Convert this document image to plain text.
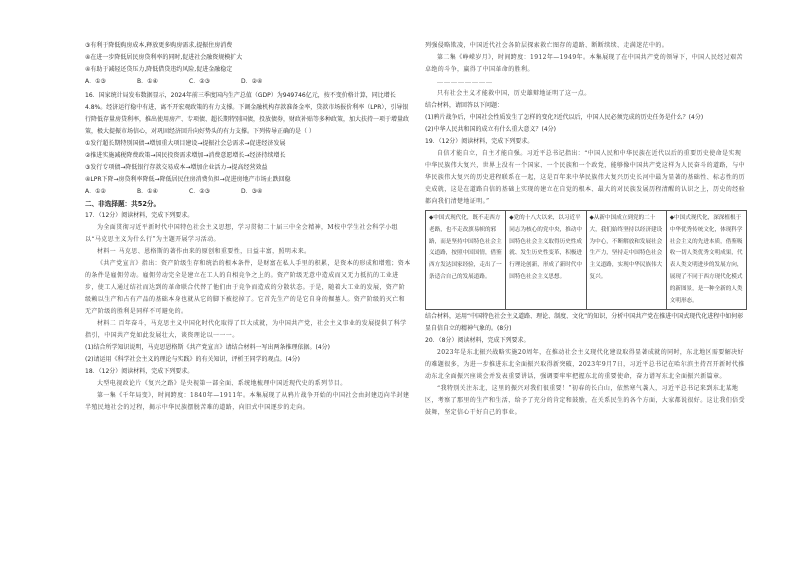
③有利于降低购房成本,释放更多购房需求,提振住房消费

④在进一步降低居民房贷利率的同时,促进社会融资规模扩大

④有助于减轻还贷压力,降低借贷违约风险,促进金融稳定

A．①③	B．①④	C．②③	D．②④

16．国家统计局发布数据显示，2024年前三季度国内生产总值（GDP）为949746亿元，按不变价格计算，同比增长4.8%。经济运行稳中有进，离不开宏观政策的有力支撑。下调金融机构存款准备金率，贷款市场报价利率（LPR），引导银行降低存量房贷利率，推出使用房产、专项债、超长期特别国债，投放债券，财政补贴等多种政策，加大扶持一项于增量政策，极大提振市场信心，对巩固经济回升向好势头的有力支撑。下列传导正确的是（ ）

①发行超长期特别国债→增加重大项目建设→提振社会总需求→促进经济发展

②推进实施减税降费政策→国民投资需求增加→消费意愿增长→经济持续增长

③发行专项债→降低银行存款交易成本→增加企业活力→提高经营效益

④LPR下降→房贷利率降低→降低居民住房消费负担→促进房地产市场止跌回稳

A．①②	B．①④	C．②③	D．③④

二、非选择题：共52分。

17．（12分）阅读材料，完成下列要求。

为全面贯彻习近平新时代中国特色社会主义思想，学习贯彻二十届三中全会精神，M校中学生社会科学小组以“马克思主义为什么行”为主题开展学习活动。

材料一 马克思、恩格斯的著作由来的原创和重要性，日益丰富，照明未来。

《共产党宣言》指出：资产阶级生存和统治的根本条件，是财富在私人手里的积累，是资本的形成和增殖；资本的条件是雇佣劳动。雇佣劳动完全是建立在工人的自相竞争之上的。资产阶级无意中造成而又无力抵抗的工业进步，使工人通过结社而达到的革命联合代替了他们由于竞争而造成的分散状态。于是，随着大工业的发展，资产阶级赖以生产和占有产品的基础本身也就从它的脚下被挖掉了。它首先生产的是它自身的掘墓人。资产阶级的灭亡和无产阶级的胜利是同样不可避免的。

材料二 百年奋斗，马克思主义中国化时代化取得了巨大成就，为中国共产党，社会主义事业的发展提供了科学指引，中国共产党如此发展壮大，谈资理论以一一一。

(1)结合所学知识说明，马克思恩格斯《共产党宣言》请结合材料一写出两条推理依据。(4分)

(2)请运用《科学社会主义的理论与实践》的有关知识，评析王同学的观点。(4分)

18．（12分）阅读材料，完成下列要求。

大型电视政论片《复兴之路》是央视第一部全面、系统地梳理中国近现代史的系列节目。

第一集《千年局变》，时间跨度：1840年—1911年。本集展现了从鸦片战争开始的中国社会由封建迈向半封建半殖民地社会的过程，揭示中华民族摆脱苦难的道路，向旧式中国逐步的走向。

列强侵略欺凌，中国近代社会各阶层探索救亡图存的道路、断断续续、走满迷茫中的。

第二集《峥嵘岁月》，时间跨度：1912年—1949年。本集展现了在中国共产党的领导下，中国人民经过艰苦卓绝的斗争，赢得了中国革命的胜利。

……………………

只有社会主义才能救中国，历史雄辩地证明了这一点。

结合材料，请回答以下问题：

(1)鸦片战争后，中国社会性质发生了怎样的变化?近代以后，中国人民必须完成的历史任务是什么？(4分)

(2)中华人民共和国的成立有什么重大意义？(4分)

19．（12分）阅读材料，完成下列要求。

自信才能自立，自主才能自强。习近平总书记指出：“中国人民和中华民族在近代以后的重要历史使命是实现中华民族伟大复兴，世界上没有一个国家、一个民族和一个政党，能够像中国共产党这样为人民奋斗的道路，与中华民族伟大复兴的历史进程联系在一起，这是百年来中华民族伟大复兴历史长河中最为显著的基础性、标志性的历史成就，这是在道路自信的基础上实现的建立在自觉的根本、最大的对民族发展历程清醒的认识之上，历史的经验都向我们清楚地证明。”

◆中国式现代化，既不走西方老路，也不走改旗易帜的邪路，而是坚持中国特色社会主义道路，按照中国国情，借鉴西方发达国家经验，走出了一条适合自己的发展道路。	◆党的十八大以来，以习近平同志为核心的党中央，推动中国特色社会主义取得历史性成就、发生历史性变革，积极进行理论创新，形成了新时代中国特色社会主义思想。	◆从新中国成立到党的二十大，我们始终坚持以经济建设为中心，不断解放和发展社会生产力，坚持走中国特色社会主义道路，实现中华民族伟大复兴。	◆中国式现代化，深深植根于中华优秀传统文化，体现科学社会主义的先进本质，借鉴吸收一切人类优秀文明成果，代表人类文明进步的发展方向，展现了不同于西方现代化模式的新图景，是一种全新的人类文明形态。

结合材料，运用“中国特色社会主义道路、理论、制度、文化”的知识，分析中国共产党在推进中国式现代化进程中如何彰显自信自立的精神气象的。(8分)

20．（8分）阅读材料，完成下列要求。

2023年是东北振兴战略实施20周年，在推动社会主义现代化建设取得显著成就的同时，东北地区需要解决好的难题很多，为进一步推进东北全面振兴取得新突破，2023年9月7日，习近平总书记在哈尔滨主持召开新时代推动东北全面振兴座谈会并发表重要讲话，强调要牢牢把握东北的重要使命，奋力谱写东北全面振兴新篇章。

“我特别关注东北，这里的振兴对我们很重要！”初春的长白山，依然寒气袭人，习近平总书记来到东北某地区，考察了那里的生产和生活，给予了充分的肯定和鼓励，在关系民生的各个方面，大家都说很好。这让我们倍受鼓舞，坚定信心干好自己的事业。
